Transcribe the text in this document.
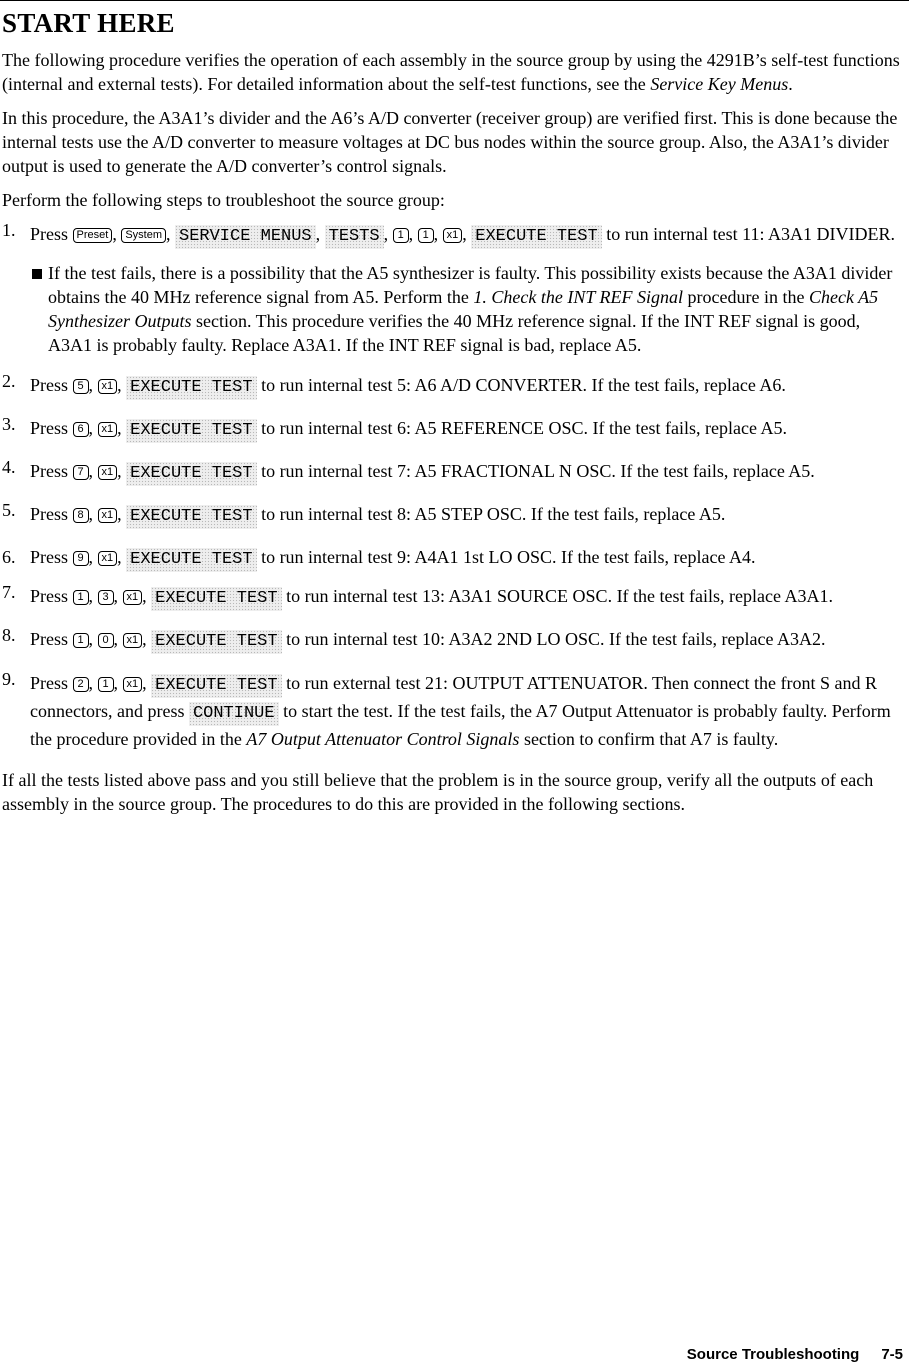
START HERE

The following procedure verifies the operation of each assembly in the source group by using the 4291B’s self-test functions (internal and external tests). For detailed information about the self-test functions, see the Service Key Menus.

In this procedure, the A3A1’s divider and the A6’s A/D converter (receiver group) are verified first. This is done because the internal tests use the A/D converter to measure voltages at DC bus nodes within the source group. Also, the A3A1’s divider output is used to generate the A/D converter’s control signals.

Perform the following steps to troubleshoot the source group:

1. Press Preset , System , SERVICE MENUS , TESTS , 1 , 1 , x1 , EXECUTE TEST to run internal test 11: A3A1 DIVIDER.
If the test fails, there is a possibility that the A5 synthesizer is faulty. This possibility exists because the A3A1 divider obtains the 40 MHz reference signal from A5. Perform the 1. Check the INT REF Signal procedure in the Check A5 Synthesizer Outputs section. This procedure verifies the 40 MHz reference signal. If the INT REF signal is good, A3A1 is probably faulty. Replace A3A1. If the INT REF signal is bad, replace A5.
2. Press 5 , x1 , EXECUTE TEST to run internal test 5: A6 A/D CONVERTER. If the test fails, replace A6.
3. Press 6 , x1 , EXECUTE TEST to run internal test 6: A5 REFERENCE OSC. If the test fails, replace A5.
4. Press 7 , x1 , EXECUTE TEST to run internal test 7: A5 FRACTIONAL N OSC. If the test fails, replace A5.
5. Press 8 , x1 , EXECUTE TEST to run internal test 8: A5 STEP OSC. If the test fails, replace A5.
6. Press 9 , x1 , EXECUTE TEST to run internal test 9: A4A1 1st LO OSC. If the test fails, replace A4.
7. Press 1 , 3 , x1 , EXECUTE TEST to run internal test 13: A3A1 SOURCE OSC. If the test fails, replace A3A1.
8. Press 1 , 0 , x1 , EXECUTE TEST to run internal test 10: A3A2 2ND LO OSC. If the test fails, replace A3A2.
9. Press 2 , 1 , x1 , EXECUTE TEST to run external test 21: OUTPUT ATTENUATOR. Then connect the front S and R connectors, and press CONTINUE to start the test. If the test fails, the A7 Output Attenuator is probably faulty. Perform the procedure provided in the A7 Output Attenuator Control Signals section to confirm that A7 is faulty.

If all the tests listed above pass and you still believe that the problem is in the source group, verify all the outputs of each assembly in the source group. The procedures to do this are provided in the following sections.

Source Troubleshooting 7-5
